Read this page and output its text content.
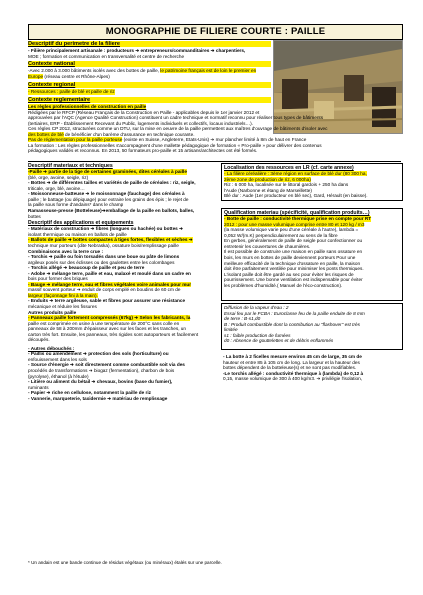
MONOGRAPHIE DE FILIERE COURTE : PAILLE
Descriptif du perimetre de la filiere
- Filière principalement artisanale : producteurs ➔ entrepreneurs/commanditaires ➔ charpentiers,
MOE ; formation et communication en transversalité et centre de recherche
Contexte national
-Avec 2.000 à 3.000 bâtiments isolés avec des bottes de paille, le patrimoine français est de loin le premier en
Europe (réseau centre et Rhône-Alpes)
Contexte regional
- Ressources : paille de blé et paille de riz
Contexte reglementaire
Les règles professionnelles de construction en paille
Rédigées par le RFCP (Réseau Français de la Construction en Paille - applicables depuis le 1er janvier 2012 et
approuvées par l'AQC (Agence Qualité Construction) constituent un cadre technique et normatif reconnu pour réaliser tous types de bâtiments
(tertiaires, ERP - Établissement Recevant du Public, logements individuels et collectifs, locaux industriels…).
Ces règles CP 2012, structurées comme un DTU, sur la mise en oeuvre de la paille permettent aux maîtres d'ouvrage de bâtiments d'isoler avec
des bottes de blé de bénéficier d'un barème d'assurance en technique courante.
Pas de réglementation pour la paille porteuse (existe en Suisse, Angleterre, Etats-Unis) ➔ mur plancher limité à 8m de haut en France
La formation : Les règles professionnelles s'accompagnent d'une mallette pédagogique de formation « Pro-paille » pour délivrer des contenus
pédagogiques validés et reconnus. En 2013, 50 formateurs pro-paille et 15 artisans/architectes ont été formés.
Descriptif materiaux et techniques
-Paille ➔ partie de la tige de certaines graminées, dites céréales à paille
(blé, orge, avoine, seigle, riz)
- Bottes ➔ de différentes tailles et variétés de paille de céréales : riz, seigle,
triticale, orge, blé, avoine…
- Moissonneuse-batteuse ➔ le moissonnage (fauchage) des céréales à
paille ; le battage (ou dépiquage) pour extraire les grains des épis ; le rejet de
la paille sous forme d'andains* dans le champ
Ramasseuse-presse (Botteleuse)➔emballage de la paille en ballots, balles,
bottes
Descriptif des applications et equipements
- Matériaux de construction ➔ fibres (longues ou hachée) ou bottes ➔
isolant thermique ou maison en ballots de paille
- Ballots de paille ➔ bottes compactes à tiges fortes, flexibles et sèches ➔
technique mur porteurs (dite Nebraska), ossature bois/remplissage paille
Combinaisons avec la terre crue :
- Torchis ➔ paille ou foin torsadés dans une boue ou pâte de limons
argileux posés sur des éclisses ou des gaulettes entre les colombages
- Torchis allégé ➔ beaucoup de paille et peu de terre
- Adobe ➔ mélange terre, paille et eau, malaxé et moulé dans un cadre en
bois pour former des briques
- Bauge ➔ mélange terre, eau et fibres végétales voire animales pour mur
massif souvent porteur ➔ enduit de corps empilé en boudins de 60 cm de
largeur (façonnage fini à la main).
- Enduits ➔ terre argileuse, sable et fibres pour assurer une résistance
mécanique et réduire les fissures
Autres produits paille
- Panneaux paille fortement compressés (67kg) ➔ Selon les fabricants, la
paille est comprimée en usine à une température de 200°C sans colle en
panneaux de 58 à 200mm d'épaisseur avec sur les faces et les tranches, un
carton très fort. Ensuite, les panneaux, très rigides sont autoporteurs et facilement
découpés.
- Autres débouchés :
- Paillis ou amendement ➔ protection des sols (horticulture) ou
enfouissement dans les sols
- Source d'énergie ➔ soit directement comme combustible soit via des
procédés de transformations ➔ biogaz (fermentation), charbon de bois
(pyrolyse), éthanol (à l'étude)
- Litière ou aliment du bétail ➔ chevaux, bovins (base du fumier),
ruminants
- Papier ➔ riche en cellulose, notamment la paille de riz
- Vannerie, marqueterie, taxidermie ➔ matériau de remplissage
Localisation des ressources en LR (cf. carte annexe)
- La filière céréalière : 3ème région en surface de blé dur (80 300 ha,
2ème zone de production de riz, 6 000ha)
Riz : 6 000 ha, localisée sur le littoral gardois + 250 ha dans
l'Aude (Narbonne et étang de Marseillette)
Blé dur : Aude (1er producteur en blé sec), Gard, Hérault (en baisse).
Qualification materiau (spécificité, qualification produits…)
- Botte de paille : conductivité thermique prise en compte pour RT2012 : pour une masse volumique comprise entre 80 et 120 kg / m3
(la masse volumique varie peu d'une céréale à l'autre), lambda =
0,052 W/(m.K) perpendiculairement au sens de la fibre
En gerbes, généralement de paille de seigle pour confectionner ou
entretenir les couvertures de chaumières.
Il est possible de construire une maison en paille sans ossature en
bois, les murs en bottes de paille deviennent porteurs Pour une
meilleure efficacité de la technique d'ossature en paille, la maison
doit être parfaitement ventilée pour minimiser les ponts thermiques.
L'isolant paille doit être gardé au sec pour éviter les risques de
pourrissement. Une bonne ventilation est indispensable pour éviter
les problèmes d'humidité.( Manuel de l'éco-construction).
Diffusion de la vapeur d'eau : 2
Essai feu par le FCBA : Euroclasse feu de la paille enduite de 8 mm
de terre : B-s1,d0
B : Produit combustible dont la contribution au "flashover" est très
limitée
s1 : faible production de fumées
d0 : Absence de gouttelettes et de débris enflammés
- La botte à 2 ficelles mesure environ 45 cm de large, 35 cm de
hauteur et entre 85 à 105 cm de long. La largeur et la hauteur des
bottes dépendent de la botteleuse(s) et ne sont pas modifiables.
-Le torchis allégé : conductivité thermique λ (lambda) de 0,12 à
0,15, masse volumique de 300 à 400 kg/m3. ➔ privilégie l'isolation,
* Un andain est une bande continue de résidus végétaux (ou minéraux) étalés sur une parcelle.
